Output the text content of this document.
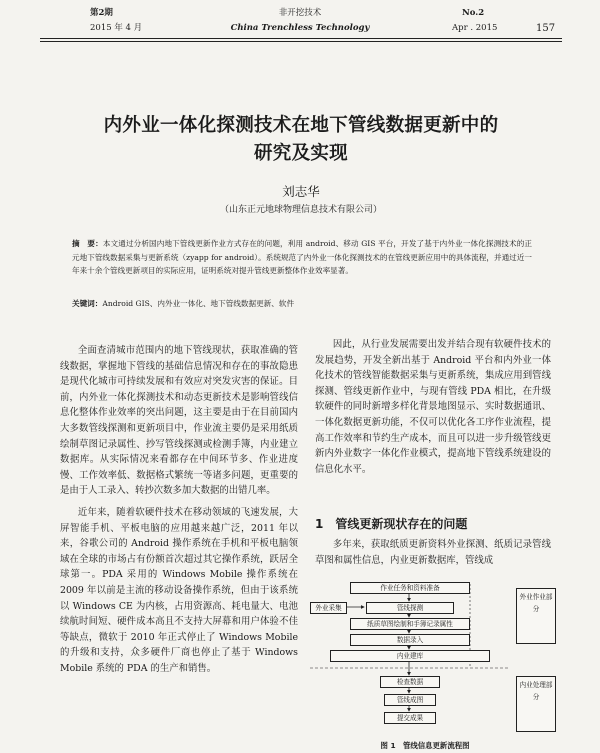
第2期
2015 年 4 月
非开挖技术
China Trenchless Technology
No.2
Apr . 2015	157
内外业一体化探测技术在地下管线数据更新中的
研究及实现
刘志华
（山东正元地球物理信息技术有限公司）
摘　要：本文通过分析国内地下管线更新作业方式存在的问题，利用 android、移动 GIS 平台，开发了基于内外业一体化探测技术的正元地下管线数据采集与更新系统（zyapp for android）。系统规范了内外业一体化探测技术的在管线更新应用中的具体流程，并通过近一年来十余个管线更新项目的实际应用，证明系统对提升管线更新整体作业效率显著。
关键词：Android GIS、内外业一体化、地下管线数据更新、软件

全面查清城市范围内的地下管线现状，获取准确的管线数据，掌握地下管线的基础信息情况和存在的事故隐患是现代化城市可持续发展和有效应对突发灾害的保证。目前，内外业一体化探测技术和动态更新技术是影响管线信息化整体作业效率的突出问题，这主要是由于在目前国内大多数管线探测和更新项目中，作业流主要仍是采用纸质绘制草图记录属性、抄写管线探测或检测手簿，内业建立数据库。从实际情况来看都存在中间环节多、作业进度慢、工作效率低、数据格式繁统一等诸多问题，更重要的是由于人工录入、转抄次数多加大数据的出错几率。

近年来，随着软硬件技术在移动领域的飞速发展，大屏智能手机、平板电脑的应用越来越广泛，2011 年以来，谷歌公司的 Android 操作系统在手机和平板电脑领域在全球的市场占有份额首次超过其它操作系统，跃居全球第一。PDA 采用的 Windows Mobile 操作系统在 2009 年以前是主流的移动设备操作系统，但由于该系统以 Windows CE 为内核，占用资源高、耗电量大、电池续航时间短、硬件成本高且不支持大屏幕和用户体验不佳等缺点，微软于 2010 年正式停止了 Windows Mobile 的升级和支持，众多硬件厂商也停止了基于 Windows Mobile 系统的 PDA 的生产和销售。

因此，从行业发展需要出发并结合现有软硬件技术的发展趋势，开发全新出基于 Android 平台和内外业一体化技术的管线智能数据采集与更新系统，集成应用到管线探测、管线更新作业中，与现有管线 PDA 相比，在升级软硬件的同时新增多样化背景地图显示、实时数据通讯、一体化数据更新功能，不仅可以优化各工序作业流程，提高工作效率和节约生产成本，而且可以进一步升级管线更新内外业数字一体化作业模式，提高地下管线系统建设的信息化水平。

1　管线更新现状存在的问题

多年来，获取纸质更新资料外业探测、纸质记录管线草图和属性信息，内业更新数据库，管线成

作业任务和资料准备
外业采集	管线探测
纸质草图绘制和手簿记录属性
数据录入
内业建库
检查数据
管线成图
提交成果
外业作业部分
内业处理部分
图 1　管线信息更新流程图
